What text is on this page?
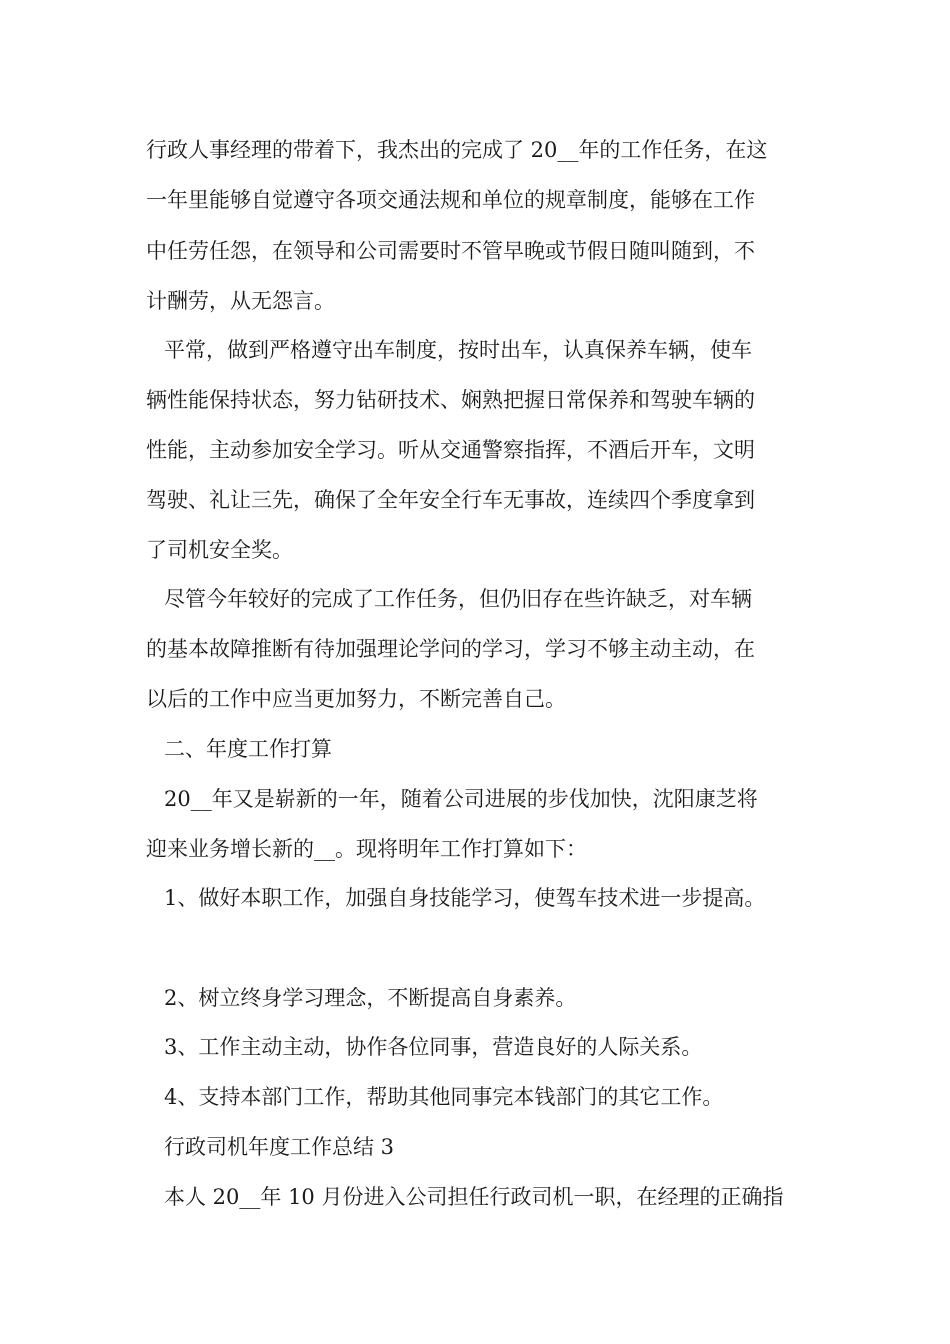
行政人事经理的带着下，我杰出的完成了 20__年的工作任务，在这

一年里能够自觉遵守各项交通法规和单位的规章制度，能够在工作

中任劳任怨，在领导和公司需要时不管早晚或节假日随叫随到，不

计酬劳，从无怨言。

平常，做到严格遵守出车制度，按时出车，认真保养车辆，使车

辆性能保持状态，努力钻研技术、娴熟把握日常保养和驾驶车辆的

性能，主动参加安全学习。听从交通警察指挥，不酒后开车，文明

驾驶、礼让三先，确保了全年安全行车无事故，连续四个季度拿到

了司机安全奖。

尽管今年较好的完成了工作任务，但仍旧存在些许缺乏，对车辆

的基本故障推断有待加强理论学问的学习，学习不够主动主动，在

以后的工作中应当更加努力，不断完善自己。

二、年度工作打算

20__年又是崭新的一年，随着公司进展的步伐加快，沈阳康芝将

迎来业务增长新的__。现将明年工作打算如下：

1、做好本职工作，加强自身技能学习，使驾车技术进一步提高。

2、树立终身学习理念，不断提高自身素养。

3、工作主动主动，协作各位同事，营造良好的人际关系。

4、支持本部门工作，帮助其他同事完本钱部门的其它工作。

行政司机年度工作总结 3

本人 20__年 10 月份进入公司担任行政司机一职，在经理的正确指
